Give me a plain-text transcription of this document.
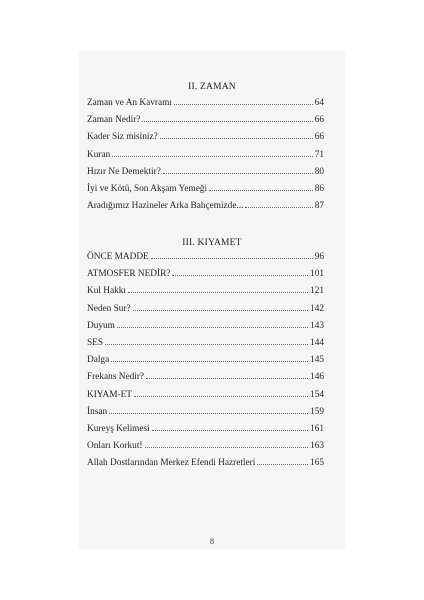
II. ZAMAN
Zaman ve An Kavramı	64
Zaman Nedir?	66
Kader Siz misiniz?	66
Kuran	71
Hızır Ne Demektir?	80
İyi ve Kötü, Son Akşam Yemeği	86
Aradığımız Hazineler Arka Bahçemizde...	87
III. KIYAMET
ÖNCE MADDE	96
ATMOSFER NEDİR?	101
Kul Hakkı	121
Neden Sur?	142
Duyum	143
SES	144
Dalga	145
Frekans Nedir?	146
KIYAM-ET	154
İnsan	159
Kureyş Kelimesi	161
Onları Korkut!	163
Allah Dostlarından Merkez Efendi Hazretleri	165
8
